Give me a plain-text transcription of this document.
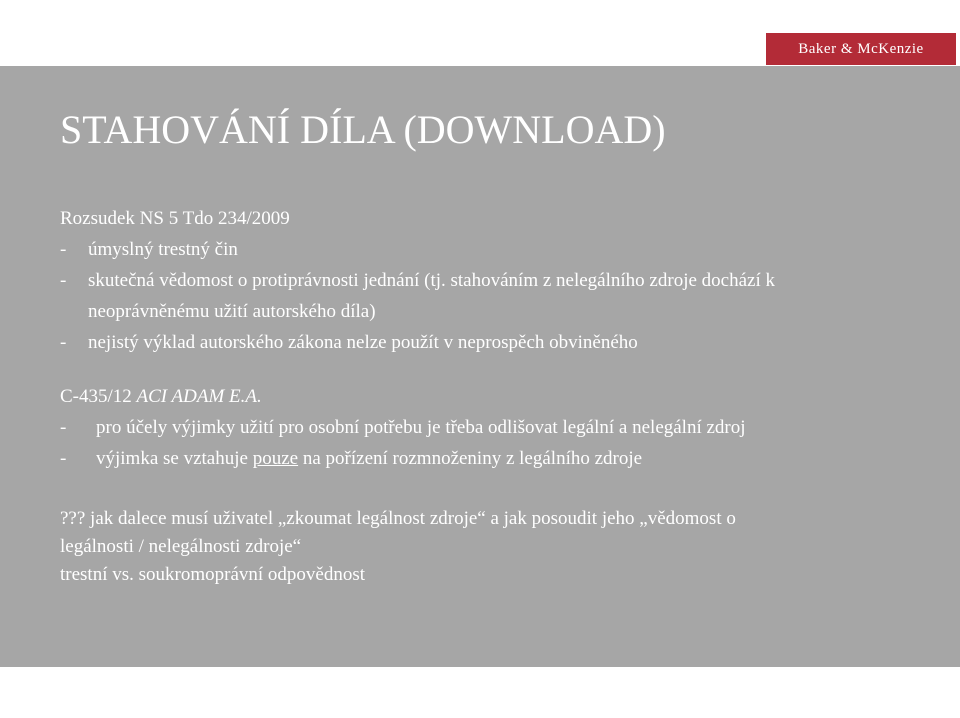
Baker & McKenzie
STAHOVÁNÍ DÍLA (DOWNLOAD)
Rozsudek NS 5 Tdo 234/2009
- úmyslný trestný čin
- skutečná vědomost o protiprávnosti jednání (tj. stahováním z nelegálního zdroje dochází k
neoprávněnému užití autorského díla)
- nejistý výklad autorského zákona nelze použít v neprospěch obviněného
C-435/12 ACI ADAM E.A.
- pro účely výjimky užití pro osobní potřebu je třeba odlišovat legální a nelegální zdroj
- výjimka se vztahuje pouze na pořízení rozmnoženiny z legálního zdroje
??? jak dalece musí uživatel „zkoumat legálnost zdroje“ a jak posoudit jeho „vědomost o
legálnosti / nelegálnosti zdroje“
trestní vs. soukromoprávní odpovědnost
©2016 Baker & McKenzie 17
